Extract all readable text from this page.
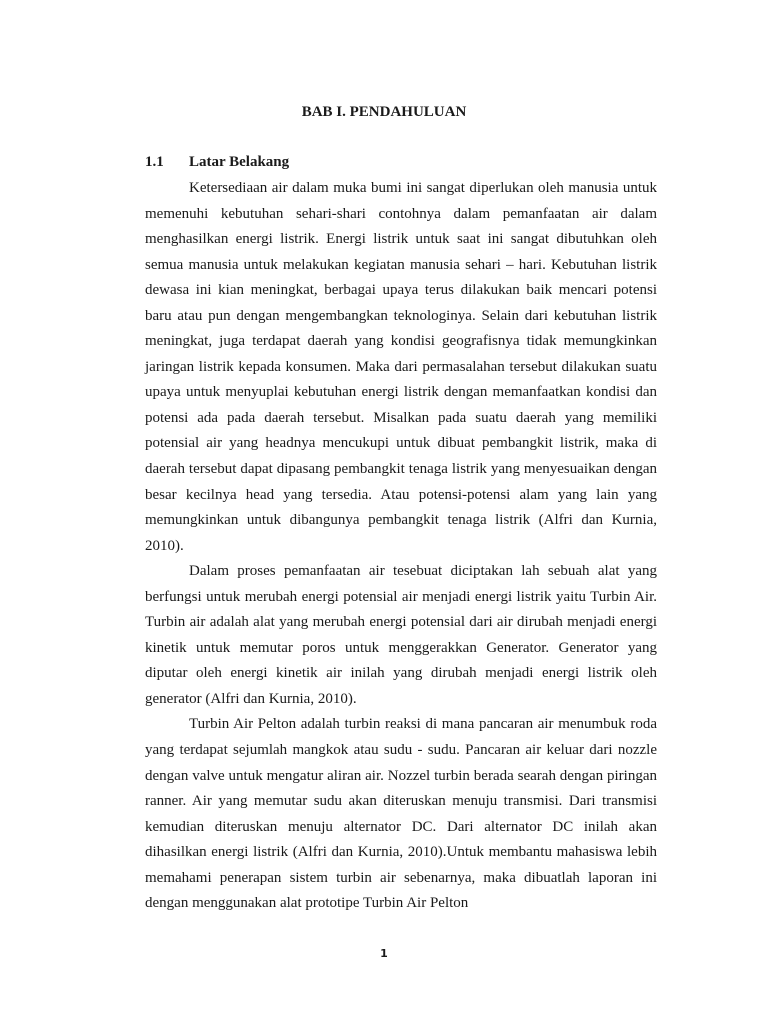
BAB I. PENDAHULUAN
1.1 Latar Belakang

Ketersediaan air dalam muka bumi ini sangat diperlukan oleh manusia untuk memenuhi kebutuhan sehari-shari contohnya dalam pemanfaatan air dalam menghasilkan energi listrik. Energi listrik untuk saat ini sangat dibutuhkan oleh semua manusia untuk melakukan kegiatan manusia sehari – hari. Kebutuhan listrik dewasa ini kian meningkat, berbagai upaya terus dilakukan baik mencari potensi baru atau pun dengan mengembangkan teknologinya. Selain dari kebutuhan listrik meningkat, juga terdapat daerah yang kondisi geografisnya tidak memungkinkan jaringan listrik kepada konsumen. Maka dari permasalahan tersebut dilakukan suatu upaya untuk menyuplai kebutuhan energi listrik dengan memanfaatkan kondisi dan potensi ada pada daerah tersebut. Misalkan pada suatu daerah yang memiliki potensial air yang headnya mencukupi untuk dibuat pembangkit listrik, maka di daerah tersebut dapat dipasang pembangkit tenaga listrik yang menyesuaikan dengan besar kecilnya head yang tersedia. Atau potensi-potensi alam yang lain yang memungkinkan untuk dibangunya pembangkit tenaga listrik (Alfri dan Kurnia, 2010).

Dalam proses pemanfaatan air tesebuat diciptakan lah sebuah alat yang berfungsi untuk merubah energi potensial air menjadi energi listrik yaitu Turbin Air. Turbin air adalah alat yang merubah energi potensial dari air dirubah menjadi energi kinetik untuk memutar poros untuk menggerakkan Generator. Generator yang diputar oleh energi kinetik air inilah yang dirubah menjadi energi listrik oleh generator (Alfri dan Kurnia, 2010).

Turbin Air Pelton adalah turbin reaksi di mana pancaran air menumbuk roda yang terdapat sejumlah mangkok atau sudu - sudu. Pancaran air keluar dari nozzle dengan valve untuk mengatur aliran air. Nozzel turbin berada searah dengan piringan ranner. Air yang memutar sudu akan diteruskan menuju transmisi. Dari transmisi kemudian diteruskan menuju alternator DC. Dari alternator DC inilah akan dihasilkan energi listrik (Alfri dan Kurnia, 2010).Untuk membantu mahasiswa lebih memahami penerapan sistem turbin air sebenarnya, maka dibuatlah laporan ini dengan menggunakan alat prototipe Turbin Air Pelton

1
